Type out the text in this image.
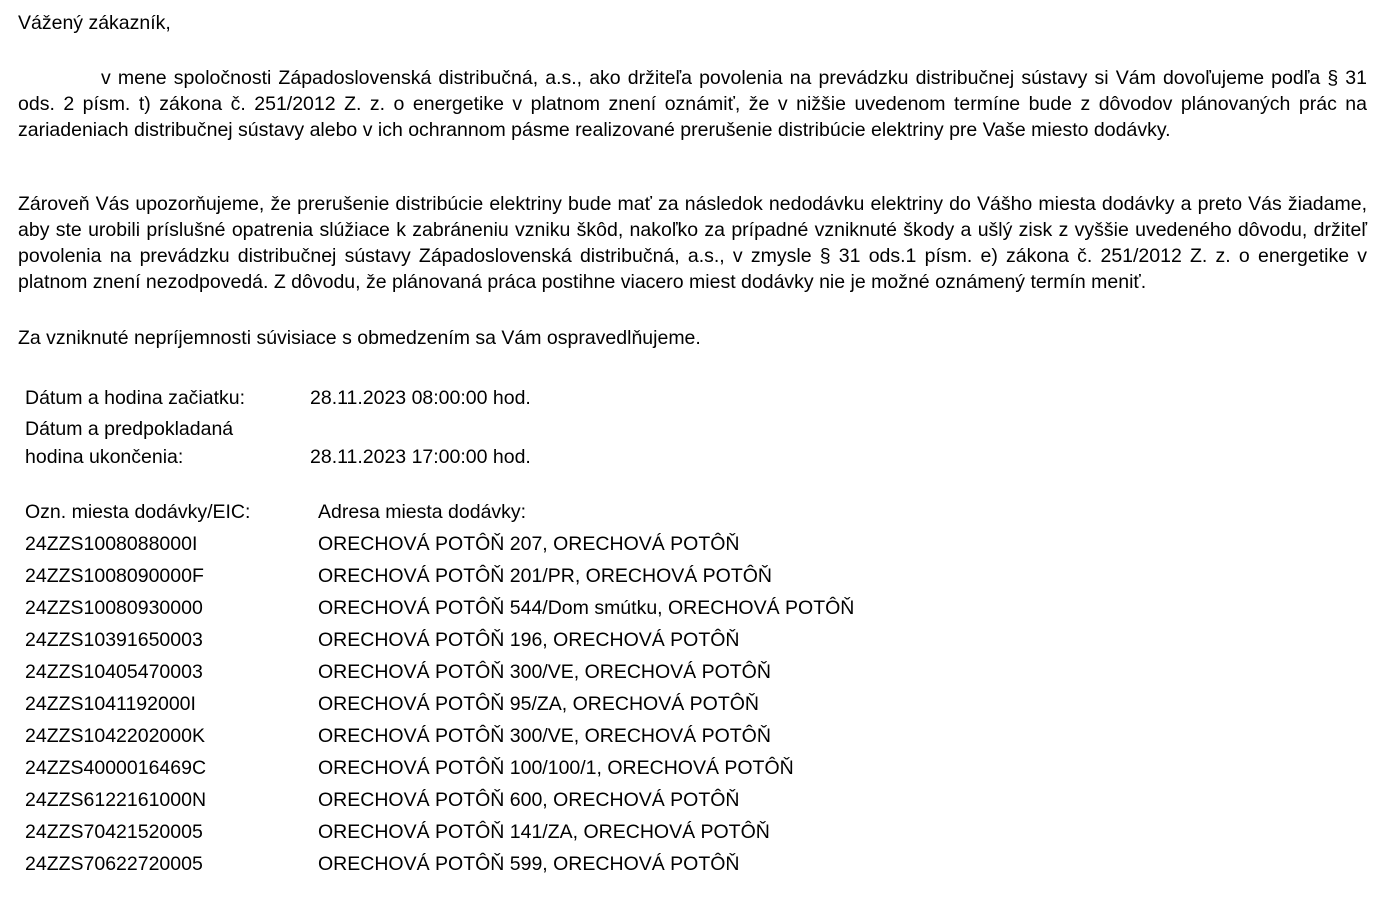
Vážený zákazník,
v mene spoločnosti Západoslovenská distribučná, a.s., ako držiteľa povolenia na prevádzku distribučnej sústavy si Vám dovoľujeme podľa § 31 ods. 2 písm. t) zákona č. 251/2012 Z. z. o energetike v platnom znení oznámiť, že v nižšie uvedenom termíne bude z dôvodov plánovaných prác na zariadeniach distribučnej sústavy alebo v ich ochrannom pásme realizované prerušenie distribúcie elektriny pre Vaše miesto dodávky.
Zároveň Vás upozorňujeme, že prerušenie distribúcie elektriny bude mať za následok nedodávku elektriny do Vášho miesta dodávky a preto Vás žiadame, aby ste urobili príslušné opatrenia slúžiace k zabráneniu vzniku škôd, nakoľko za prípadné vzniknuté škody a ušlý zisk z vyššie uvedeného dôvodu, držiteľ povolenia na prevádzku distribučnej sústavy Západoslovenská distribučná, a.s., v zmysle § 31 ods.1 písm. e) zákona č. 251/2012 Z. z. o energetike v platnom znení nezodpovedá. Z dôvodu, že plánovaná práca postihne viacero miest dodávky nie je možné oznámený termín meniť.
Za vzniknuté nepríjemnosti súvisiace s obmedzením sa Vám ospravedlňujeme.
Dátum a hodina začiatku:	28.11.2023 08:00:00 hod.
Dátum a predpokladaná
hodina ukončenia:	28.11.2023 17:00:00 hod.
Ozn. miesta dodávky/EIC:	Adresa miesta dodávky:
24ZZS1008088000I	ORECHOVÁ POTÔŇ 207, ORECHOVÁ POTÔŇ
24ZZS1008090000F	ORECHOVÁ POTÔŇ 201/PR, ORECHOVÁ POTÔŇ
24ZZS10080930000	ORECHOVÁ POTÔŇ 544/Dom smútku, ORECHOVÁ POTÔŇ
24ZZS10391650003	ORECHOVÁ POTÔŇ 196, ORECHOVÁ POTÔŇ
24ZZS10405470003	ORECHOVÁ POTÔŇ 300/VE, ORECHOVÁ POTÔŇ
24ZZS1041192000I	ORECHOVÁ POTÔŇ 95/ZA, ORECHOVÁ POTÔŇ
24ZZS1042202000K	ORECHOVÁ POTÔŇ 300/VE, ORECHOVÁ POTÔŇ
24ZZS4000016469C	ORECHOVÁ POTÔŇ 100/100/1, ORECHOVÁ POTÔŇ
24ZZS6122161000N	ORECHOVÁ POTÔŇ 600, ORECHOVÁ POTÔŇ
24ZZS70421520005	ORECHOVÁ POTÔŇ 141/ZA, ORECHOVÁ POTÔŇ
24ZZS70622720005	ORECHOVÁ POTÔŇ 599, ORECHOVÁ POTÔŇ
